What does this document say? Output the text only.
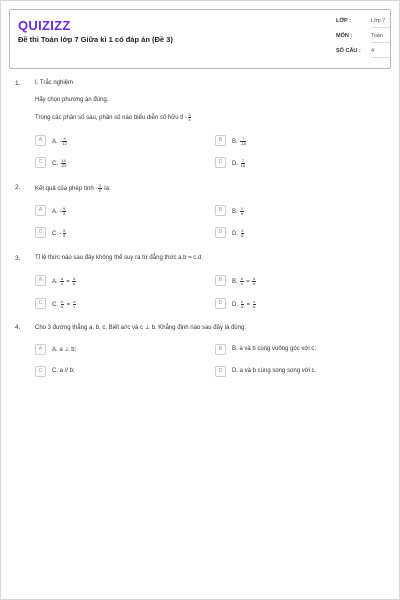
QUIZIZZ
Đề thi Toán lớp 7 Giữa kì 1 có đáp án (Đề 3)
LỚP :	Lớp 7
MÔN :	Toán
SỐ CÂU : 4
1. I. Trắc nghiệm
Hãy chọn phương án đúng.
Trong các phân số sau, phân số nào biểu diễn số hữu tỉ - $\frac{3}{4}$
A	A. - $\frac{9}{12}$	B	B. $\frac{7}{-16}$
C	C. $\frac{14}{-20}$	D	D. $\frac{7}{16}$
2. Kết quả của phép tính - $\frac{3}{2}$ là:
A	A. - $\frac{9}{4}$	B	B. $\frac{1}{8}$
C	C. - $\frac{9}{8}$	D	D. $\frac{3}{8}$
3. Tỉ lệ thức nào sau đây không thể suy ra từ đẳng thức a.b = c.d
A	A. $\frac{a}{c} = \frac{d}{b}$	B	B. $\frac{b}{c} = \frac{d}{a}$
C	C. $\frac{b}{a} = \frac{d}{c}$	D	D. $\frac{b}{d} = \frac{c}{a}$
4. Cho 3 đường thẳng a, b, c. Biết a//c và c ⊥ b. Khẳng định nào sau đây là đúng:
A	A. a ⊥ b;	B	B. a và b cùng vuông góc với c;
C	C. a // b;	D	D. a và b cùng song song với c.
